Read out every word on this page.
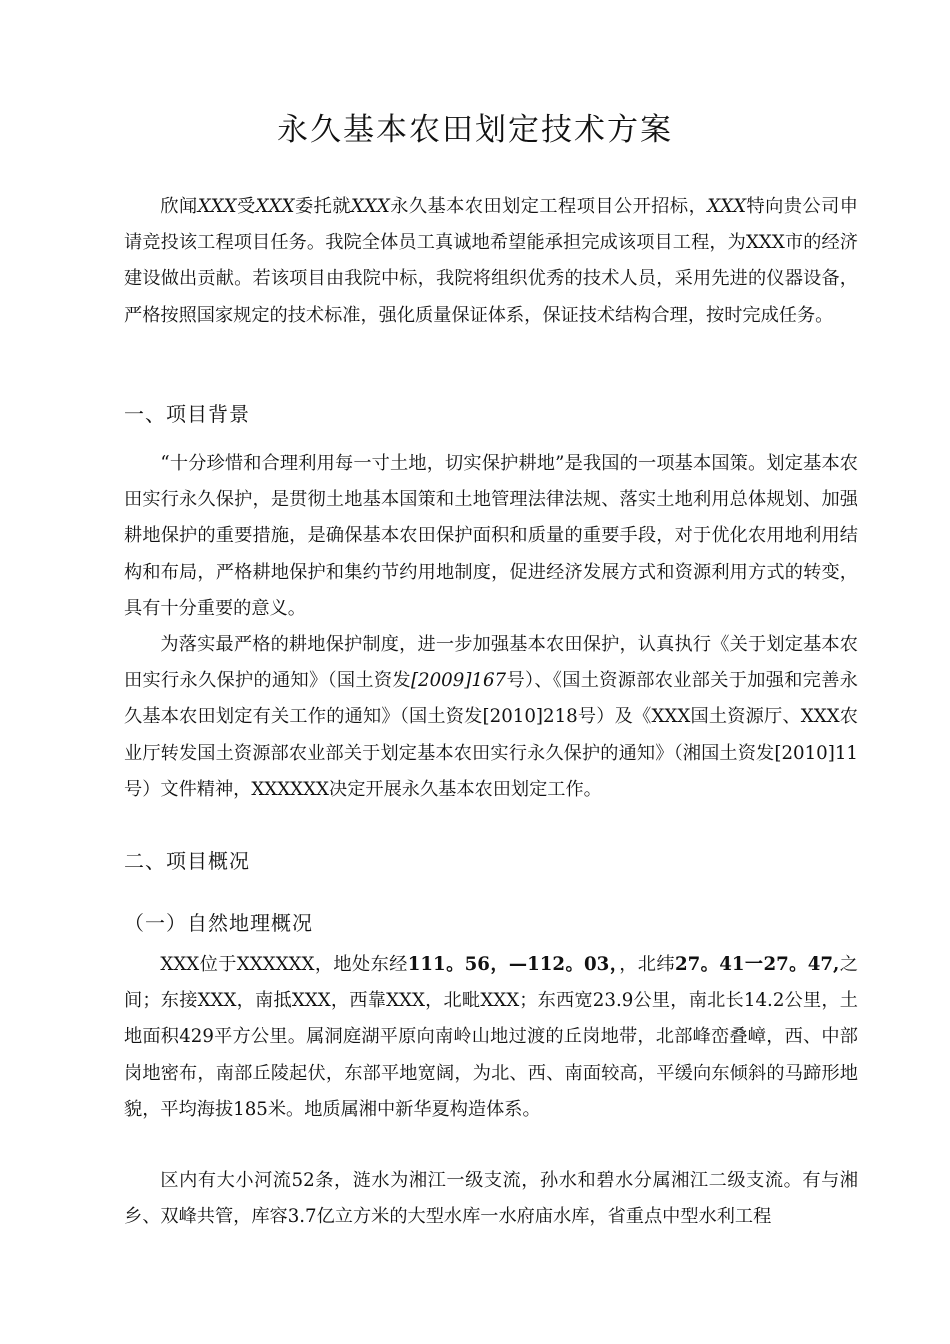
永久基本农田划定技术方案

欣闻XXX受XXX委托就XXX永久基本农田划定工程项目公开招标，XXX特向贵公司申请竞投该工程项目任务。我院全体员工真诚地希望能承担完成该项目工程，为XXX市的经济建设做出贡献。若该项目由我院中标，我院将组织优秀的技术人员，采用先进的仪器设备，严格按照国家规定的技术标准，强化质量保证体系，保证技术结构合理，按时完成任务。

一、项目背景

“十分珍惜和合理利用每一寸土地，切实保护耕地”是我国的一项基本国策。划定基本农田实行永久保护，是贯彻土地基本国策和土地管理法律法规、落实土地利用总体规划、加强耕地保护的重要措施，是确保基本农田保护面积和质量的重要手段，对于优化农用地利用结构和布局，严格耕地保护和集约节约用地制度，促进经济发展方式和资源利用方式的转变，具有十分重要的意义。

为落实最严格的耕地保护制度，进一步加强基本农田保护，认真执行《关于划定基本农田实行永久保护的通知》（国土资发[2009]167号）、《国土资源部农业部关于加强和完善永久基本农田划定有关工作的通知》（国土资发[2010]218号）及《XXX国土资源厅、XXX农业厅转发国土资源部农业部关于划定基本农田实行永久保护的通知》（湘国土资发[2010]11号）文件精神，XXXXXX决定开展永久基本农田划定工作。

二、项目概况
（一）自然地理概况

XXX位于XXXXXX，地处东经111。56，—112。03，，北纬27。41一27。47,之间；东接XXX，南抵XXX，西靠XXX，北毗XXX；东西宽23.9公里，南北长14.2公里，土地面积429平方公里。属洞庭湖平原向南岭山地过渡的丘岗地带，北部峰峦叠嶂，西、中部岗地密布，南部丘陵起伏，东部平地宽阔，为北、西、南面较高，平缓向东倾斜的马蹄形地貌，平均海拔185米。地质属湘中新华夏构造体系。

区内有大小河流52条，涟水为湘江一级支流，孙水和碧水分属湘江二级支流。有与湘乡、双峰共管，库容3.7亿立方米的大型水库一水府庙水库，省重点中型水利工程
